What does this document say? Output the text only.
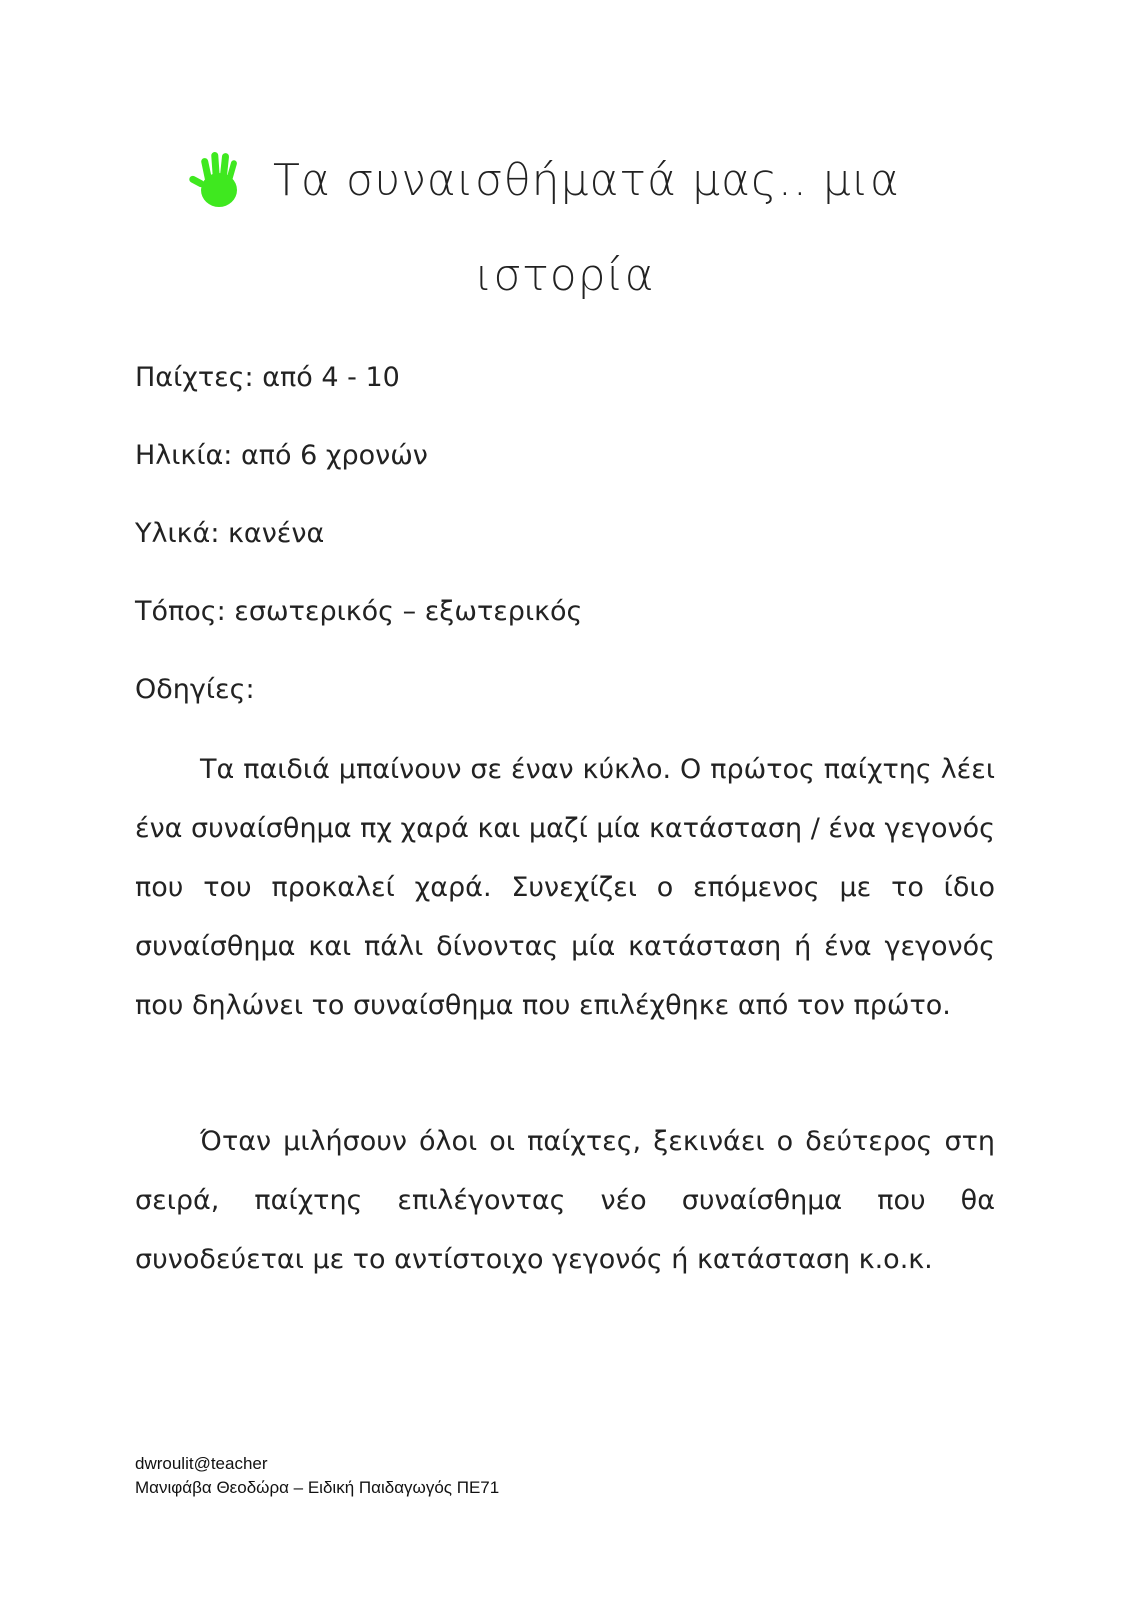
Τα συναισθήματά μας.. μια
ιστορία
Παίχτες: από 4 - 10
Ηλικία: από 6 χρονών
Υλικά: κανένα
Τόπος: εσωτερικός – εξωτερικός
Οδηγίες:
Τα παιδιά μπαίνουν σε έναν κύκλο. Ο πρώτος παίχτης λέει ένα συναίσθημα πχ χαρά και μαζί μία κατάσταση / ένα γεγονός που του προκαλεί χαρά. Συνεχίζει ο επόμενος με το ίδιο συναίσθημα και πάλι δίνοντας μία κατάσταση ή ένα γεγονός που δηλώνει το συναίσθημα που επιλέχθηκε από τον πρώτο.
Όταν μιλήσουν όλοι οι παίχτες, ξεκινάει ο δεύτερος στη σειρά, παίχτης επιλέγοντας νέο συναίσθημα που θα συνοδεύεται με το αντίστοιχο γεγονός ή κατάσταση κ.ο.κ.
dwroulit@teacher
Μανιφάβα Θεοδώρα – Ειδική Παιδαγωγός ΠΕ71
